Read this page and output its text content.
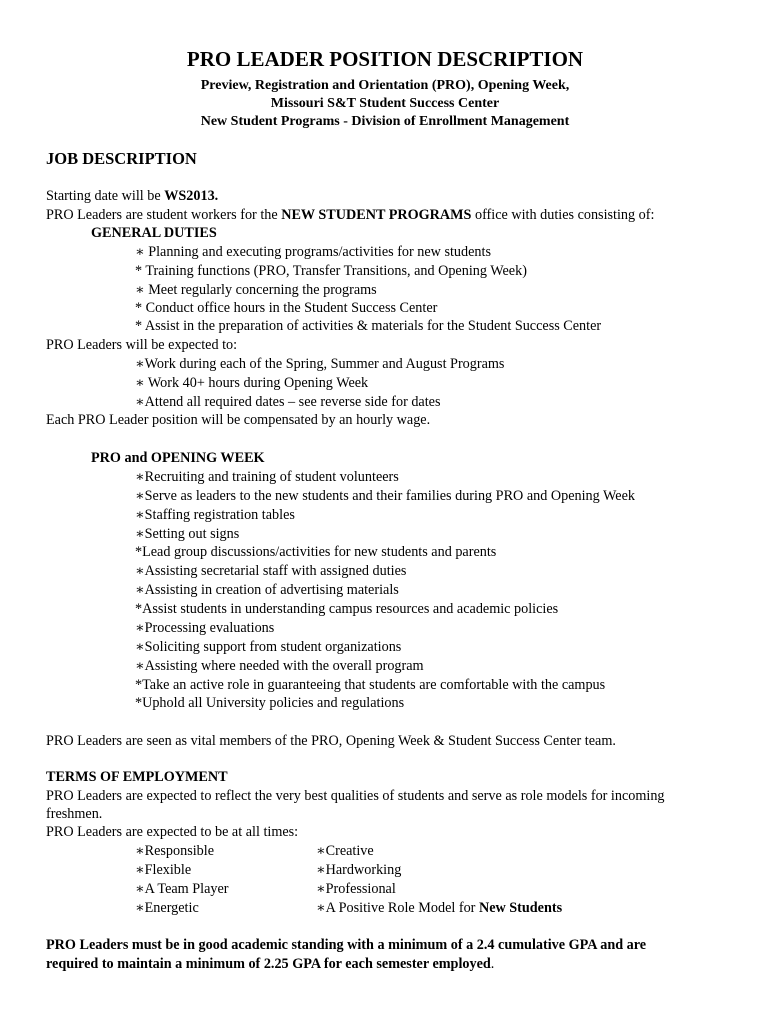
PRO LEADER POSITION DESCRIPTION
Preview, Registration and Orientation (PRO), Opening Week,
Missouri S&T Student Success Center
New Student Programs - Division of Enrollment Management
JOB DESCRIPTION
Starting date will be WS2013.
PRO Leaders are student workers for the NEW STUDENT PROGRAMS office with duties consisting of:
GENERAL DUTIES
∗ Planning and executing programs/activities for new students
* Training functions (PRO, Transfer Transitions, and Opening Week)
∗ Meet regularly concerning the programs
* Conduct office hours in the Student Success Center
* Assist in the preparation of activities & materials for the Student Success Center
PRO Leaders will be expected to:
∗Work during each of the Spring, Summer and August Programs
∗ Work 40+ hours during Opening Week
∗Attend all required dates – see reverse side for dates
Each PRO Leader position will be compensated by an hourly wage.
PRO and OPENING WEEK
∗Recruiting and training of student volunteers
∗Serve as leaders to the new students and their families during PRO and Opening Week
∗Staffing registration tables
∗Setting out signs
*Lead group discussions/activities for new students and parents
∗Assisting secretarial staff with assigned duties
∗Assisting in creation of advertising materials
*Assist students in understanding campus resources and academic policies
∗Processing evaluations
∗Soliciting support from student organizations
∗Assisting where needed with the overall program
*Take an active role in guaranteeing that students are comfortable with the campus
*Uphold all University policies and regulations
PRO Leaders are seen as vital members of the PRO, Opening Week & Student Success Center team.
TERMS OF EMPLOYMENT
PRO Leaders are expected to reflect the very best qualities of students and serve as role models for incoming
freshmen.
PRO Leaders are expected to be at all times:
∗Responsible	∗Creative
∗Flexible	∗Hardworking
∗A Team Player	∗Professional
∗Energetic	∗A Positive Role Model for New Students
PRO Leaders must be in good academic standing with a minimum of a 2.4 cumulative GPA and are
required to maintain a minimum of 2.25 GPA for each semester employed.
